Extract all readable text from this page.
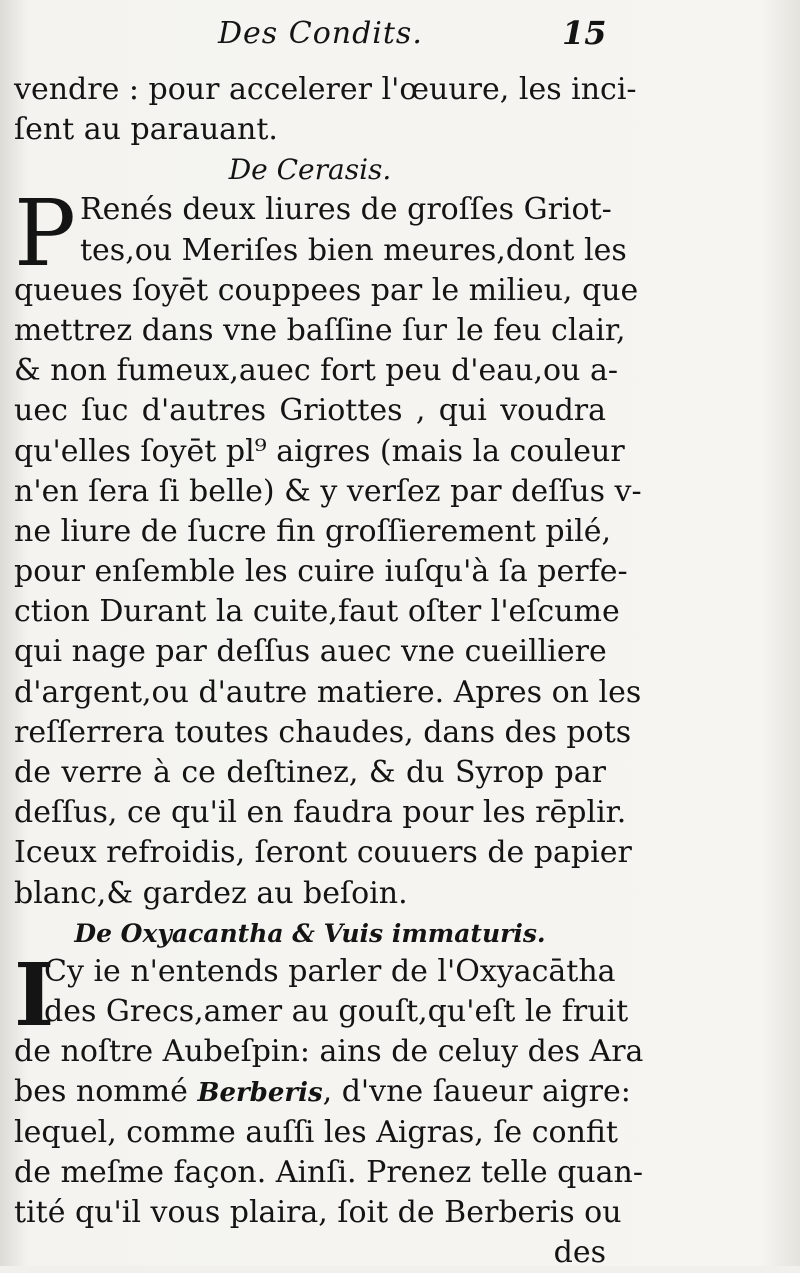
Des Condits.	15
vendre : pour accelerer l'œuure, les inci-
ſent au parauant.
De Cerasis.
P Renés deux liures de groſſes Griot-
tes,ou Meriſes bien meures,dont les
queues ſoyēt couppees par le milieu, que
mettrez dans vne baſſine ſur le feu clair,
& non fumeux,auec fort peu d'eau,ou a-
uec ſuc d'autres Griottes , qui voudra
qu'elles ſoyēt pl⁹ aigres (mais la couleur
n'en ſera ſi belle) & y verſez par deſſus v-
ne liure de ſucre fin groſſierement pilé,
pour enſemble les cuire iuſqu'à ſa perfe-
ction Durant la cuite,faut oſter l'eſcume
qui nage par deſſus auec vne cueilliere
d'argent,ou d'autre matiere. Apres on les
reſſerrera toutes chaudes, dans des pots
de verre à ce deſtinez, & du Syrop par
deſſus, ce qu'il en faudra pour les rēplir.
Iceux refroidis, ſeront couuers de papier
blanc,& gardez au beſoin.
De Oxyacantha & Vuis immaturis.
I
Cy ie n'entends parler de l'Oxyacātha
des Grecs,amer au gouſt,qu'eſt le fruit
de noſtre Aubeſpin: ains de celuy des Ara
bes nommé Berberis, d'vne ſaueur aigre:
lequel, comme auſſi les Aigras, ſe confit
de meſme façon. Ainſi. Prenez telle quan-
tité qu'il vous plaira, ſoit de Berberis ou
des
